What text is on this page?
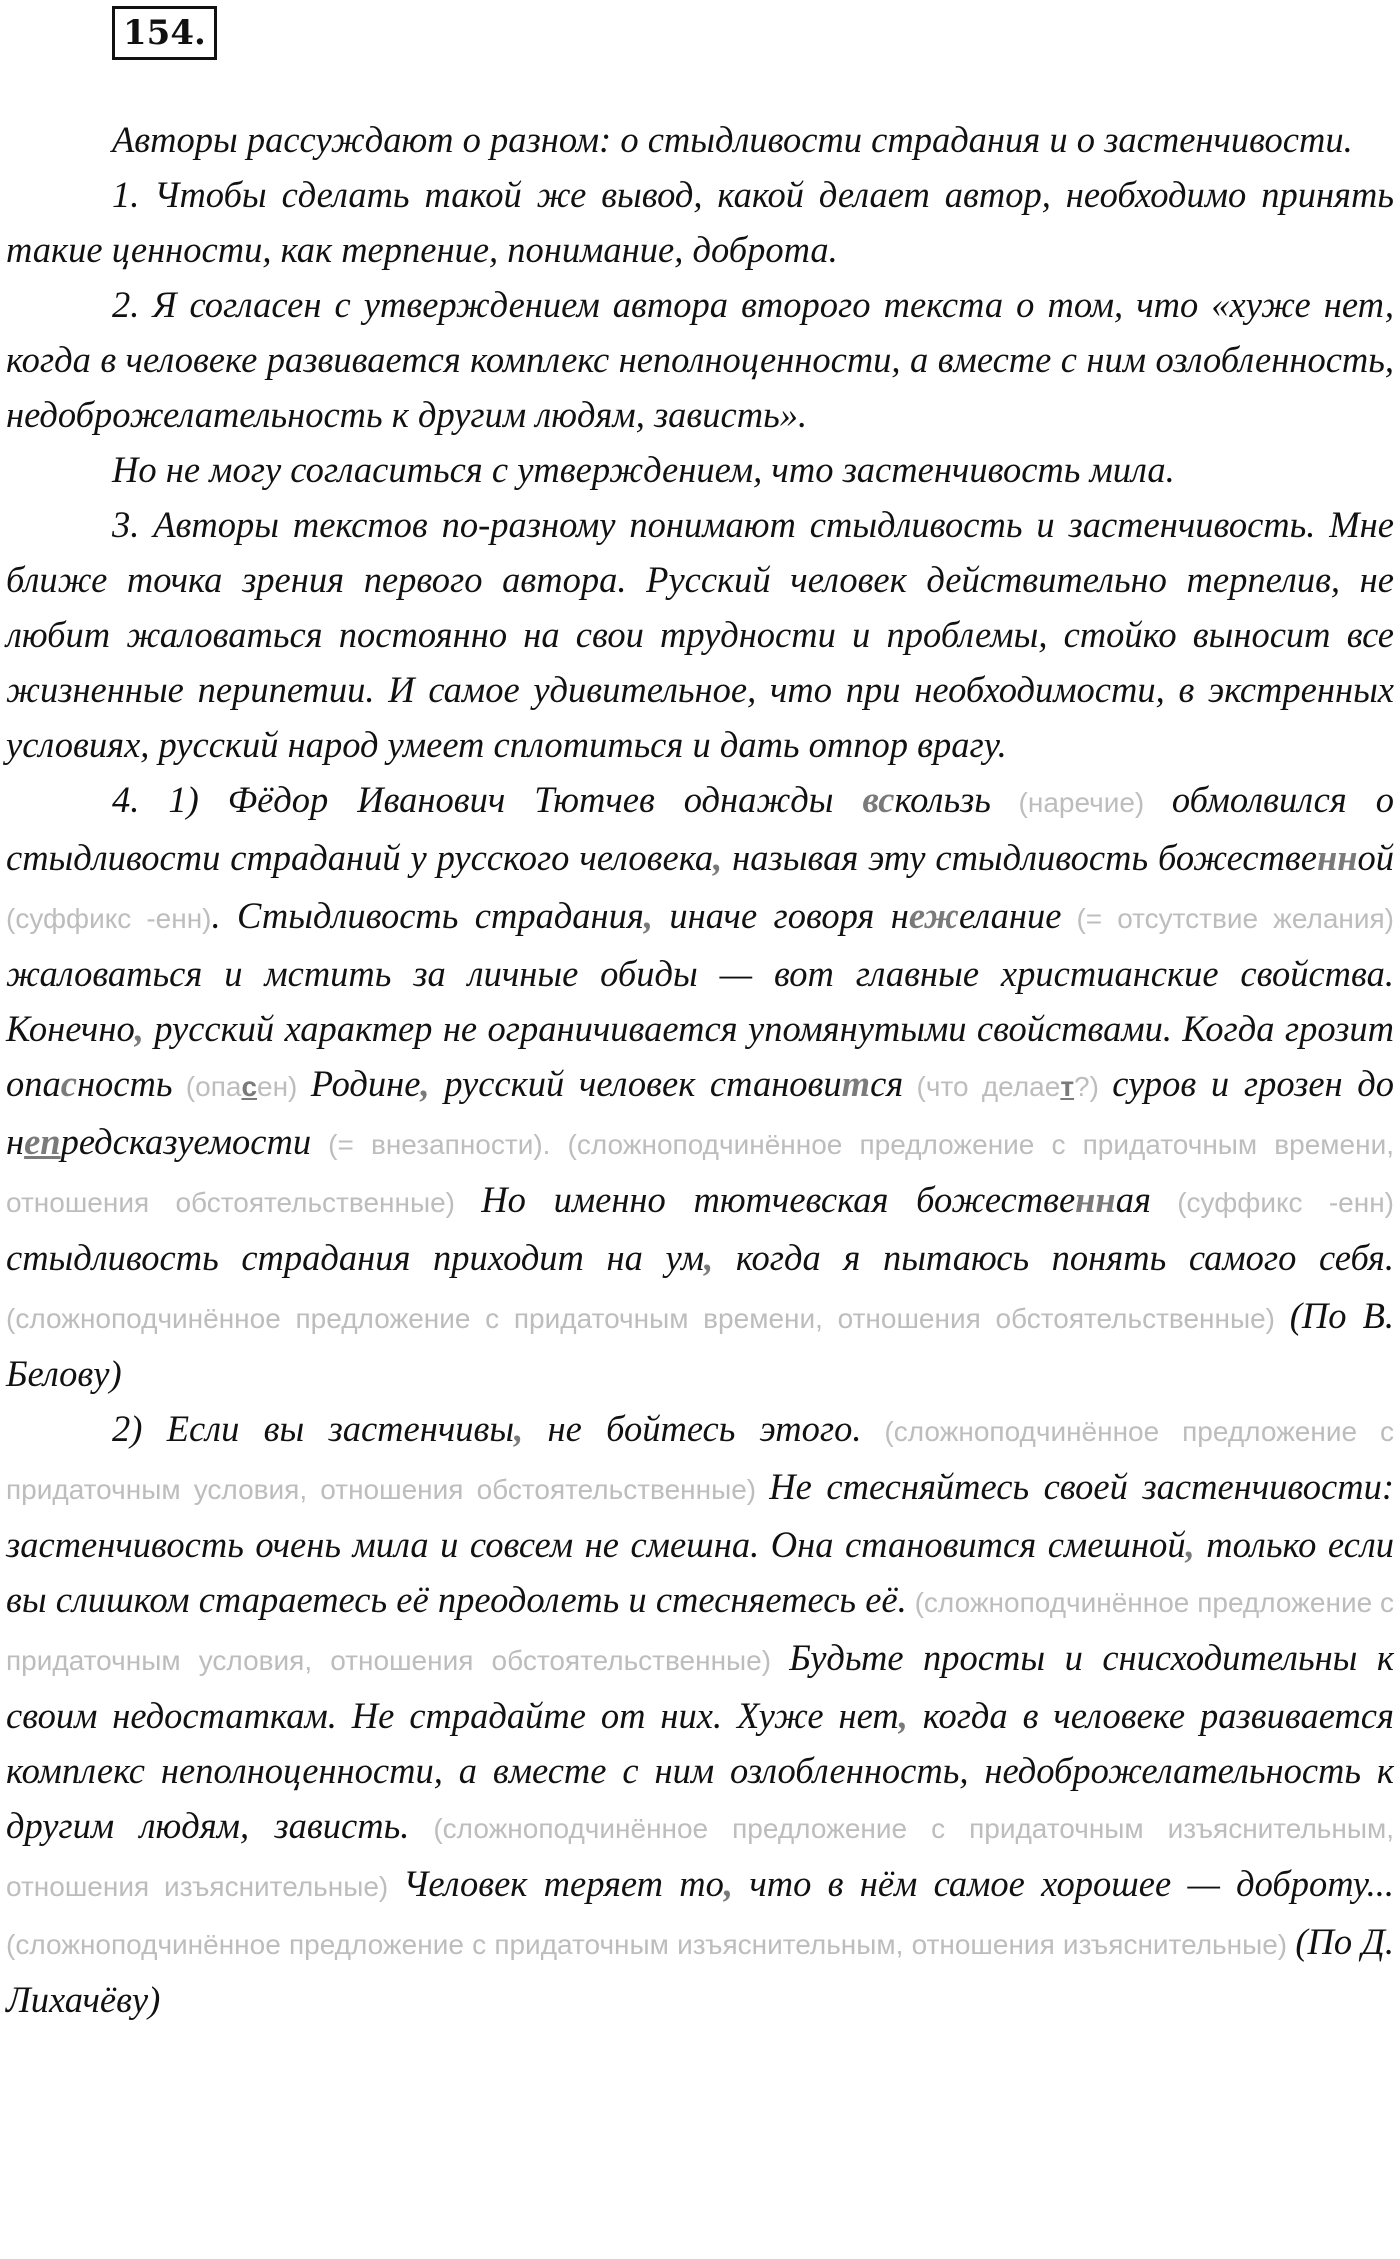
154.

Авторы рассуждают о разном: о стыдливости страдания и о застенчивости.

1. Чтобы сделать такой же вывод, какой делает автор, необходимо принять такие ценности, как терпение, понимание, доброта.

2. Я согласен с утверждением автора второго текста о том, что «хуже нет, когда в человеке развивается комплекс неполноценности, а вместе с ним озлобленность, недоброжелательность к другим людям, зависть».

Но не могу согласиться с утверждением, что застенчивость мила.

3. Авторы текстов по-разному понимают стыдливость и застенчивость. Мне ближе точка зрения первого автора. Русский человек действительно терпелив, не любит жаловаться постоянно на свои трудности и проблемы, стойко выносит все жизненные перипетии. И самое удивительное, что при необходимости, в экстренных условиях, русский народ умеет сплотиться и дать отпор врагу.

4. 1) Фёдор Иванович Тютчев однажды вскользь (наречие) обмолвился о стыдливости страданий у русского человека, называя эту стыдливость божественной (суффикс -енн). Стыдливость страдания, иначе говоря нежелание (= отсутствие желания) жаловаться и мстить за личные обиды — вот главные христианские свойства. Конечно, русский характер не ограничивается упомянутыми свойствами. Когда грозит опасность (опасен) Родине, русский человек становится (что делает?) суров и грозен до непредсказуемости (= внезапности). (сложноподчинённое предложение с придаточным времени, отношения обстоятельственные) Но именно тютчевская божественная (суффикс -енн) стыдливость страдания приходит на ум, когда я пытаюсь понять самого себя. (сложноподчинённое предложение с придаточным времени, отношения обстоятельственные) (По В. Белову)

2) Если вы застенчивы, не бойтесь этого. (сложноподчинённое предложение с придаточным условия, отношения обстоятельственные) Не стесняйтесь своей застенчивости: застенчивость очень мила и совсем не смешна. Она становится смешной, только если вы слишком стараетесь её преодолеть и стесняетесь её. (сложноподчинённое предложение с придаточным условия, отношения обстоятельственные) Будьте просты и снисходительны к своим недостаткам. Не страдайте от них. Хуже нет, когда в человеке развивается комплекс неполноценности, а вместе с ним озлобленность, недоброжелательность к другим людям, зависть. (сложноподчинённое предложение с придаточным изъяснительным, отношения изъяснительные) Человек теряет то, что в нём самое хорошее — доброту... (сложноподчинённое предложение с придаточным изъяснительным, отношения изъяснительные) (По Д. Лихачёву)
